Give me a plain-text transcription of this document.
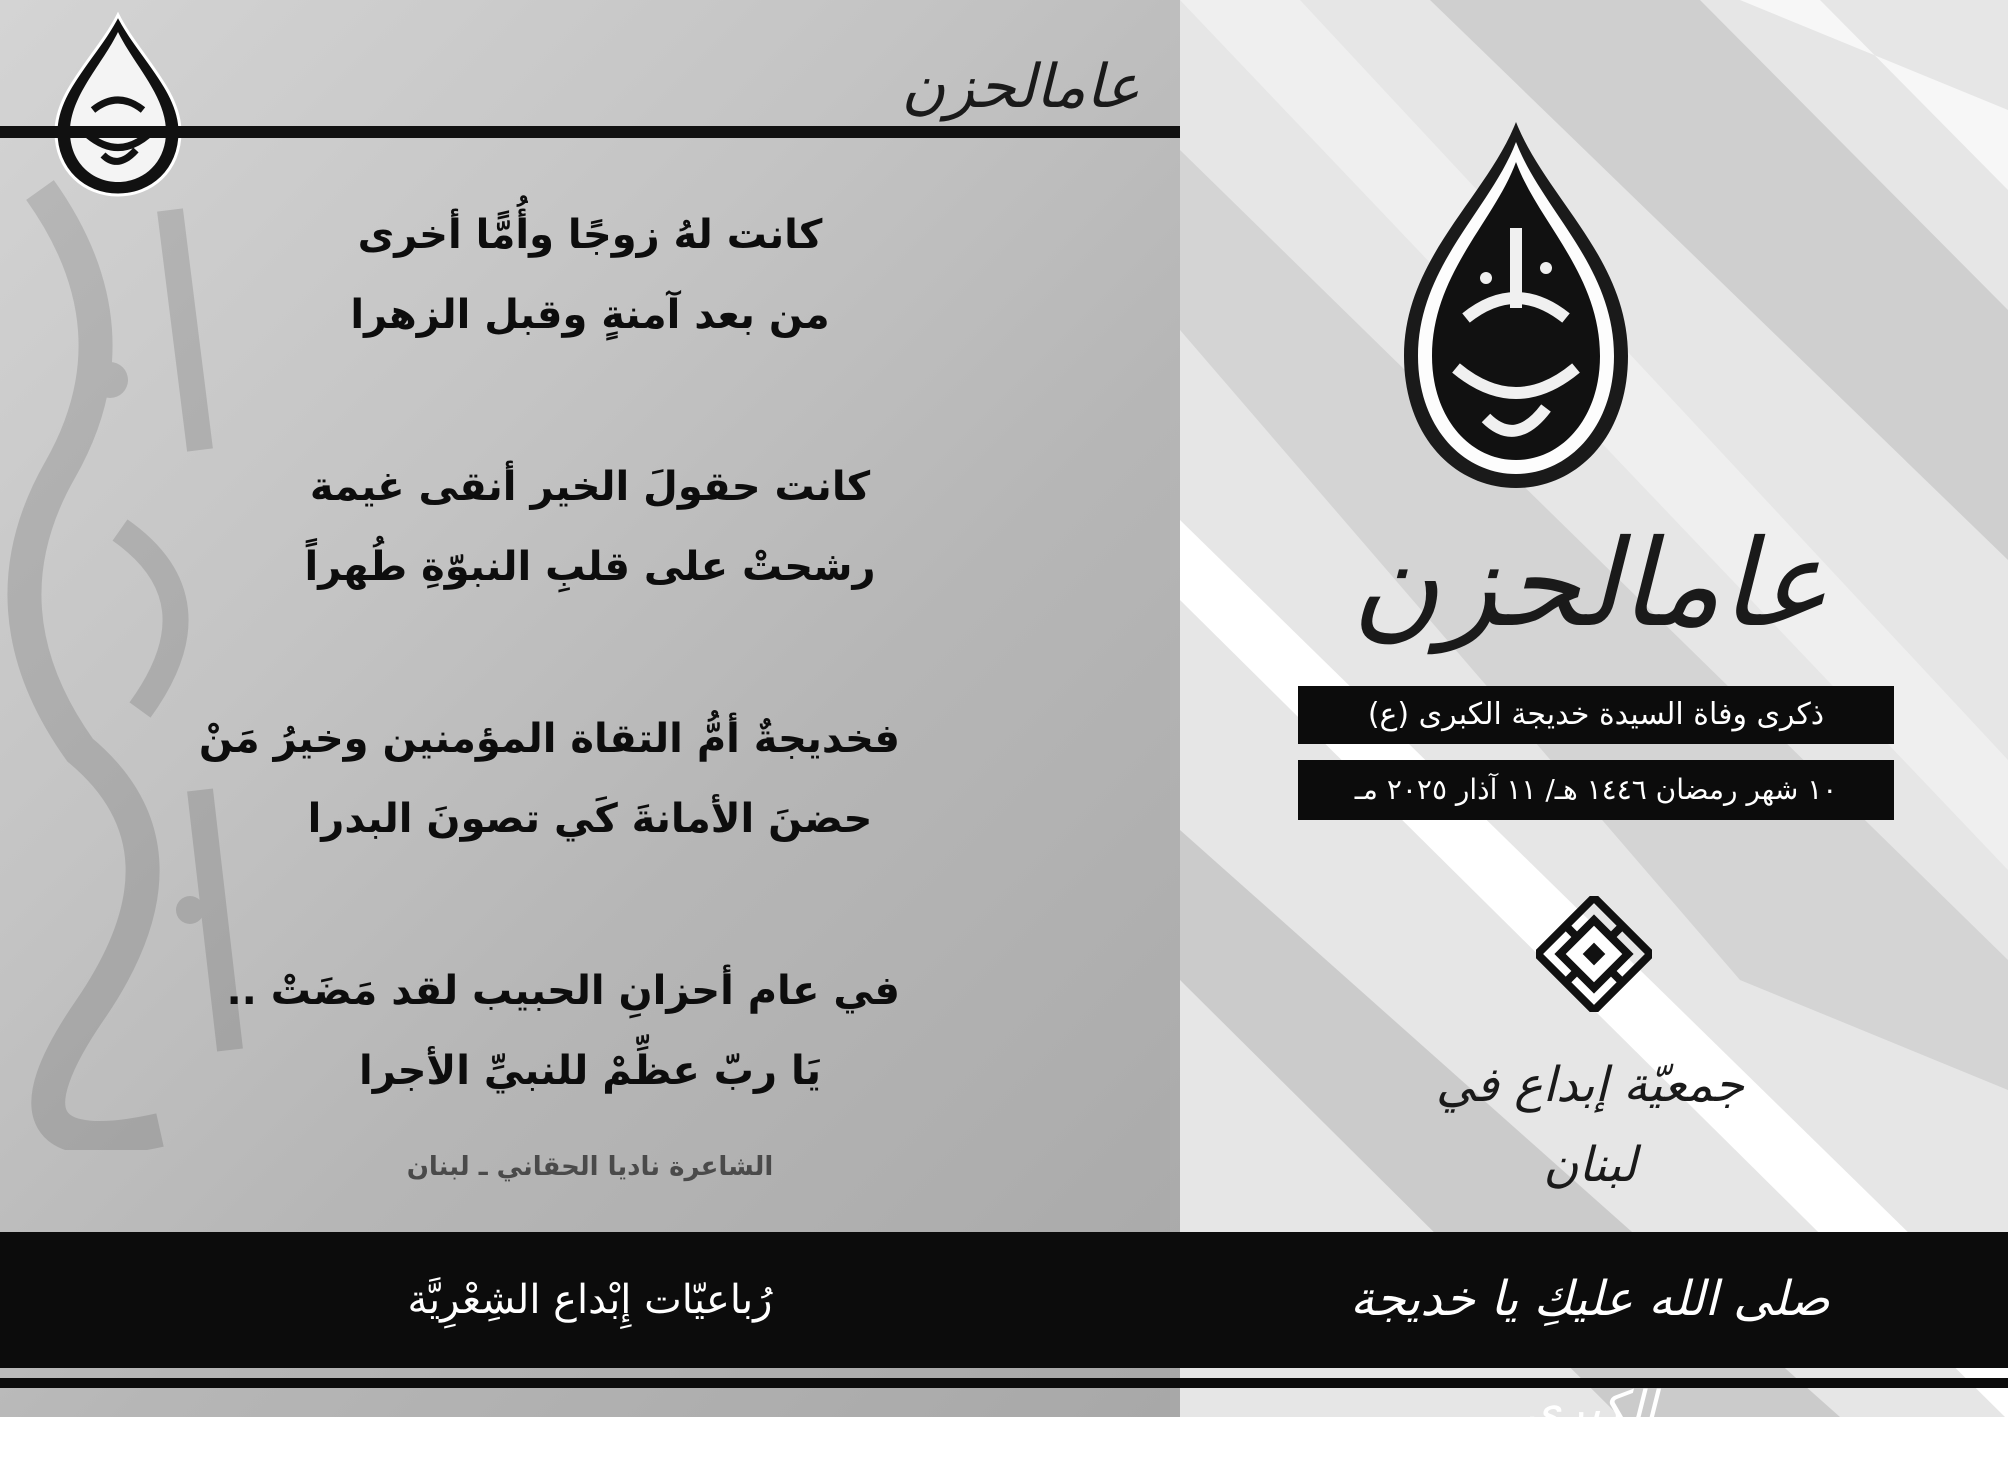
عامالحزن
كانت لهُ زوجًا وأُمًّا أخرى
من بعد آمنةٍ وقبل الزهرا
كانت حقولَ الخير أنقى غيمة
رشحتْ على قلبِ النبوّةِ طُهراً
فخديجةٌ أمُّ التقاة المؤمنين وخيرُ مَنْ
حضنَ الأمانةَ كَي تصونَ البدرا
في عام أحزانِ الحبيب لقد مَضَتْ ..
يَا ربّ عظِّمْ للنبيِّ الأجرا
الشاعرة ناديا الحقاني ـ لبنان
عامالحزن
ذكرى وفاة السيدة خديجة الكبرى (ع)
١٠ شهر رمضان ١٤٤٦ هـ/ ١١ آذار ٢٠٢٥ مـ
جمعيّة إبداع في لبنان
رُباعيّات إِبْداع الشِعْرِيَّة	صلى الله عليكِ يا خديجة الكبرى
